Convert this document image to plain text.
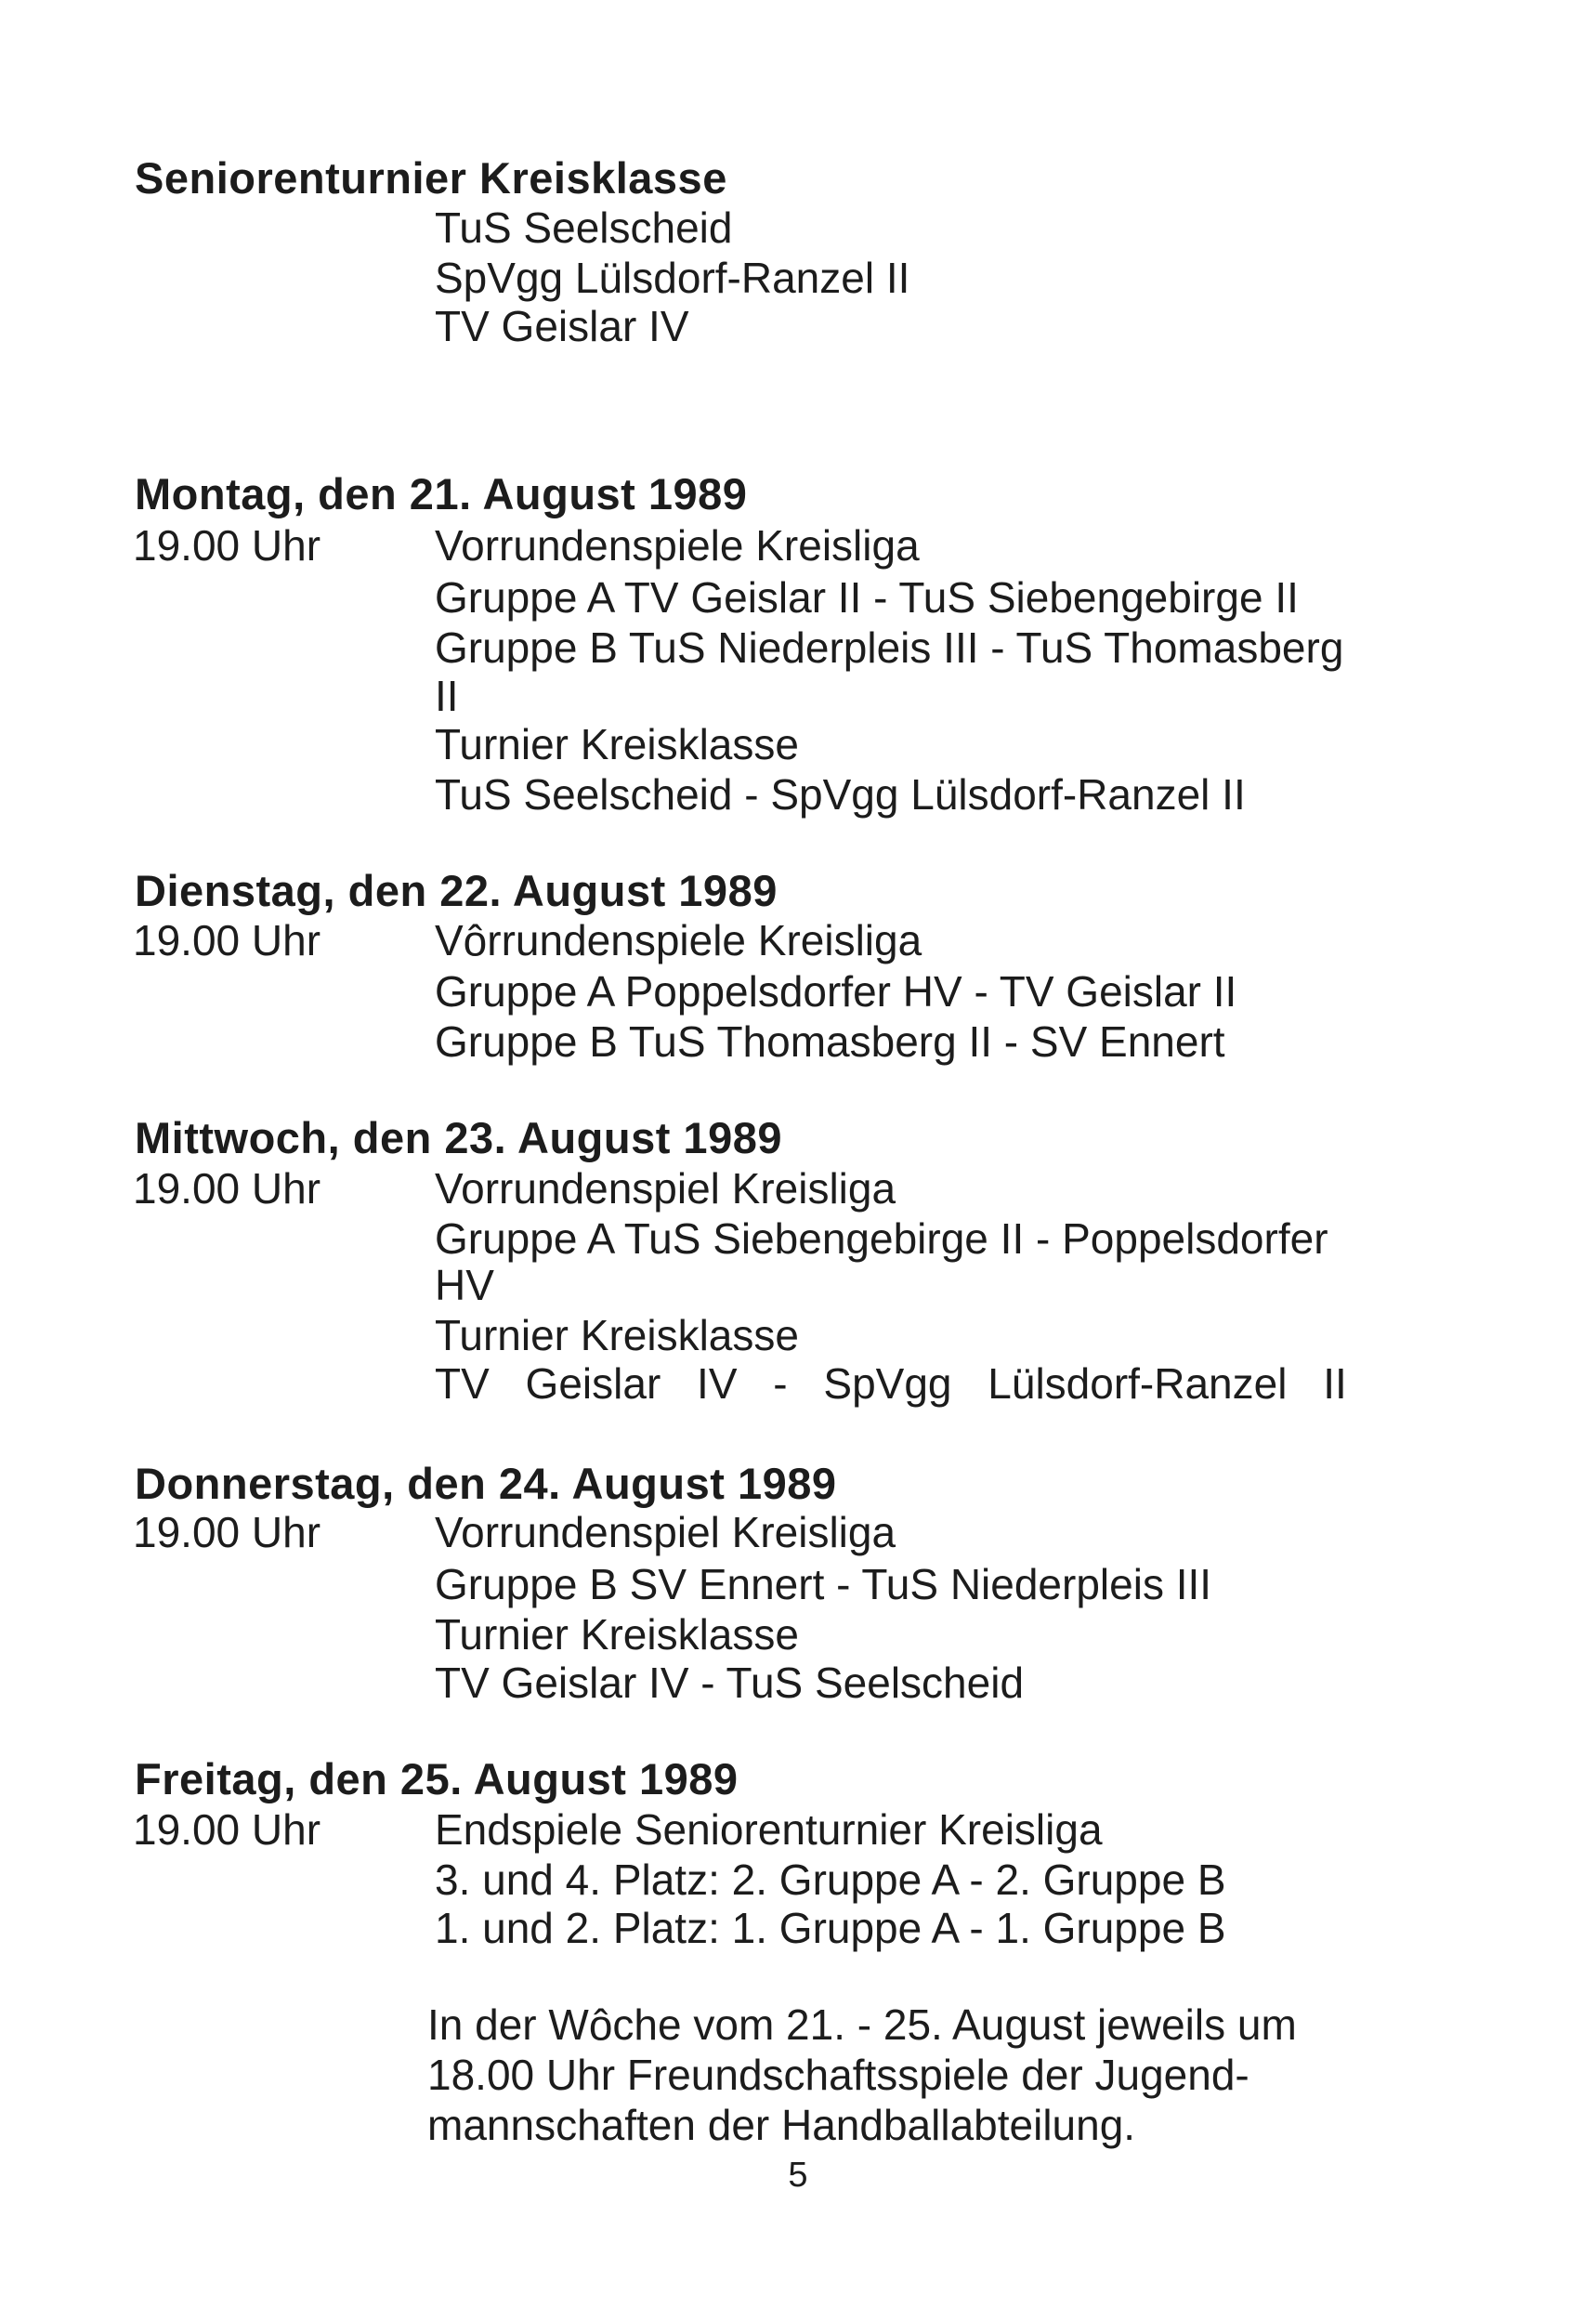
Seniorenturnier Kreisklasse
TuS Seelscheid
SpVgg Lülsdorf-Ranzel II
TV Geislar IV
Montag, den 21. August 1989
19.00 Uhr	Vorrundenspiele Kreisliga
Gruppe A TV Geislar II - TuS Siebengebirge II
Gruppe B TuS Niederpleis III - TuS Thomasberg
II
Turnier Kreisklasse
TuS Seelscheid - SpVgg Lülsdorf-Ranzel II
Dienstag, den 22. August 1989
19.00 Uhr	Vôrrundenspiele Kreisliga
Gruppe A Poppelsdorfer HV - TV Geislar II
Gruppe B TuS Thomasberg II - SV Ennert
Mittwoch, den 23. August 1989
19.00 Uhr	Vorrundenspiel Kreisliga
Gruppe A TuS Siebengebirge II - Poppelsdorfer
HV
Turnier Kreisklasse
TV Geislar IV - SpVgg Lülsdorf-Ranzel II
Donnerstag, den 24. August 1989
19.00 Uhr	Vorrundenspiel Kreisliga
Gruppe B SV Ennert - TuS Niederpleis III
Turnier Kreisklasse
TV Geislar IV - TuS Seelscheid
Freitag, den 25. August 1989
19.00 Uhr	Endspiele Seniorenturnier Kreisliga
3. und 4. Platz: 2. Gruppe A - 2. Gruppe B
1. und 2. Platz: 1. Gruppe A - 1. Gruppe B
In der Wôche vom 21. - 25. August jeweils um
18.00 Uhr Freundschaftsspiele der Jugend-
mannschaften der Handballabteilung.
5
